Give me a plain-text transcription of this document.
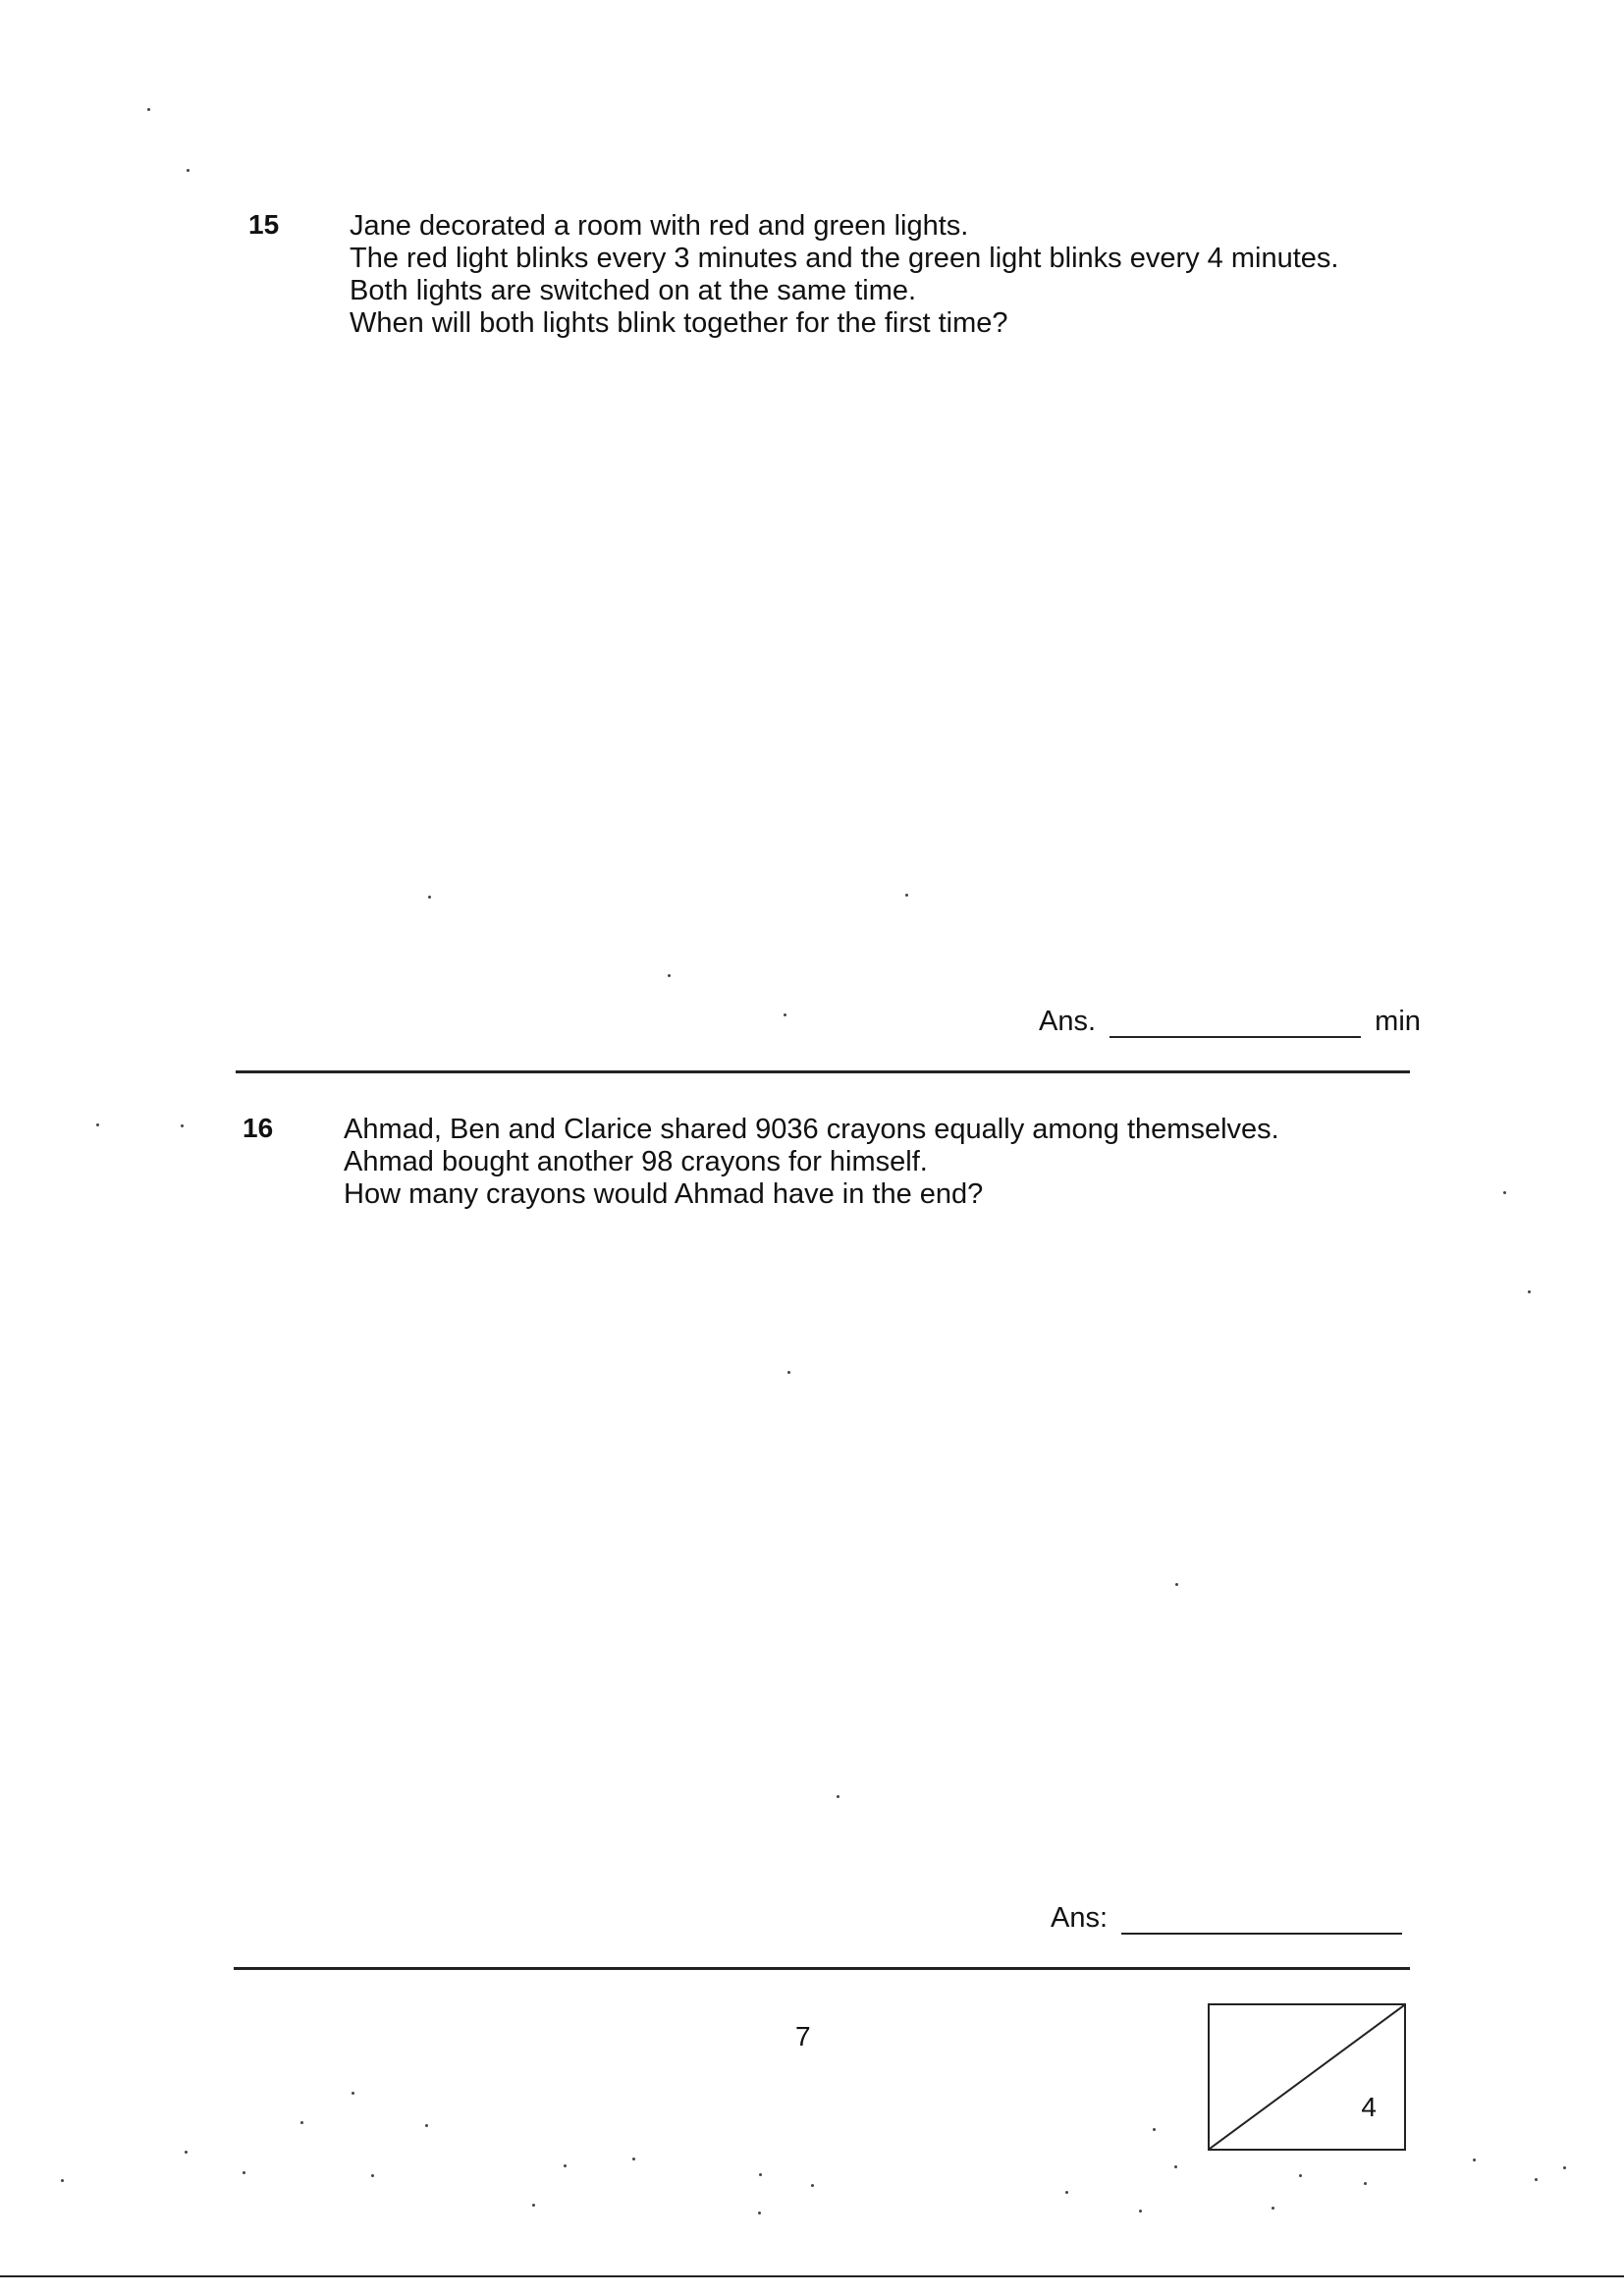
15 Jane decorated a room with red and green lights.
The red light blinks every 3 minutes and the green light blinks every 4 minutes.
Both lights are switched on at the same time.
When will both lights blink together for the first time?
Ans.	min
16 Ahmad, Ben and Clarice shared 9036 crayons equally among themselves.
Ahmad bought another 98 crayons for himself.
How many crayons would Ahmad have in the end?
Ans:
7
4
